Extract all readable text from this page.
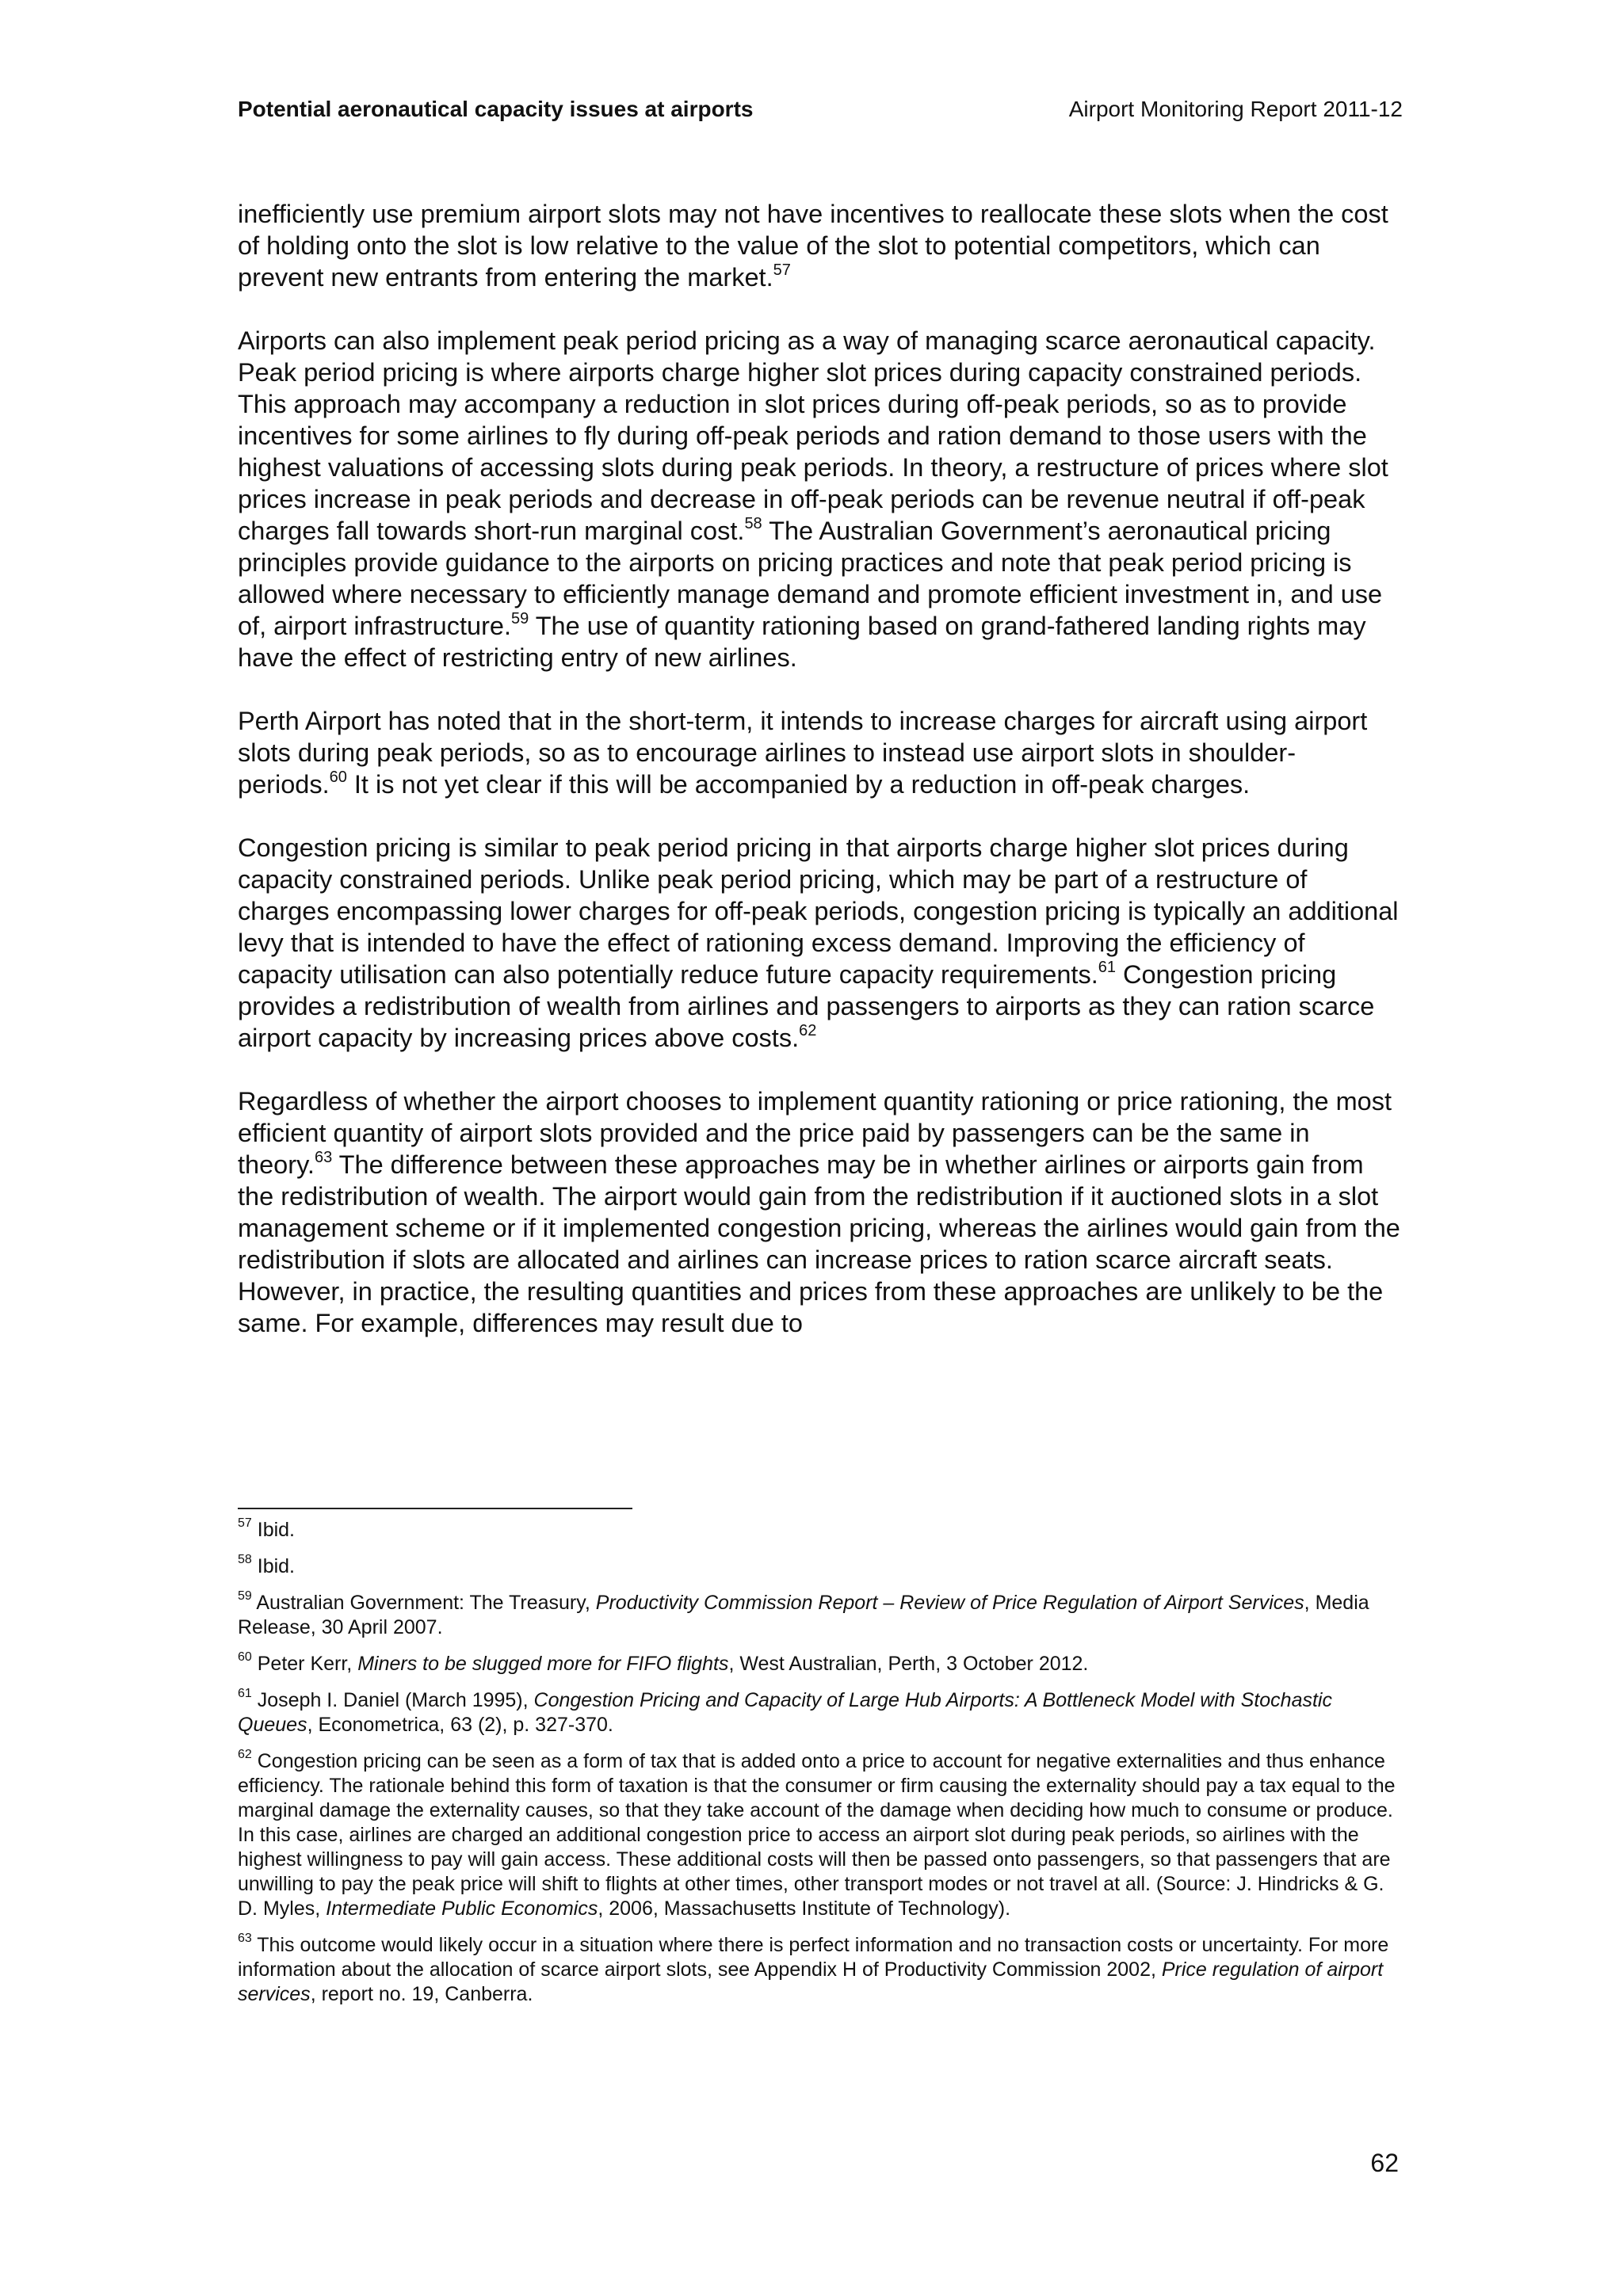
Potential aeronautical capacity issues at airports	Airport Monitoring Report 2011-12

inefficiently use premium airport slots may not have incentives to reallocate these slots when the cost of holding onto the slot is low relative to the value of the slot to potential competitors, which can prevent new entrants from entering the market.$^{57}$

Airports can also implement peak period pricing as a way of managing scarce aeronautical capacity. Peak period pricing is where airports charge higher slot prices during capacity constrained periods. This approach may accompany a reduction in slot prices during off-peak periods, so as to provide incentives for some airlines to fly during off-peak periods and ration demand to those users with the highest valuations of accessing slots during peak periods. In theory, a restructure of prices where slot prices increase in peak periods and decrease in off-peak periods can be revenue neutral if off-peak charges fall towards short-run marginal cost.$^{58}$ The Australian Government’s aeronautical pricing principles provide guidance to the airports on pricing practices and note that peak period pricing is allowed where necessary to efficiently manage demand and promote efficient investment in, and use of, airport infrastructure.$^{59}$ The use of quantity rationing based on grand-fathered landing rights may have the effect of restricting entry of new airlines.

Perth Airport has noted that in the short-term, it intends to increase charges for aircraft using airport slots during peak periods, so as to encourage airlines to instead use airport slots in shoulder-periods.$^{60}$ It is not yet clear if this will be accompanied by a reduction in off-peak charges.

Congestion pricing is similar to peak period pricing in that airports charge higher slot prices during capacity constrained periods. Unlike peak period pricing, which may be part of a restructure of charges encompassing lower charges for off-peak periods, congestion pricing is typically an additional levy that is intended to have the effect of rationing excess demand. Improving the efficiency of capacity utilisation can also potentially reduce future capacity requirements.$^{61}$ Congestion pricing provides a redistribution of wealth from airlines and passengers to airports as they can ration scarce airport capacity by increasing prices above costs.$^{62}$

Regardless of whether the airport chooses to implement quantity rationing or price rationing, the most efficient quantity of airport slots provided and the price paid by passengers can be the same in theory.$^{63}$ The difference between these approaches may be in whether airlines or airports gain from the redistribution of wealth. The airport would gain from the redistribution if it auctioned slots in a slot management scheme or if it implemented congestion pricing, whereas the airlines would gain from the redistribution if slots are allocated and airlines can increase prices to ration scarce aircraft seats. However, in practice, the resulting quantities and prices from these approaches are unlikely to be the same. For example, differences may result due to

$^{57}$ Ibid.
$^{58}$ Ibid.
$^{59}$ Australian Government: The Treasury, Productivity Commission Report – Review of Price Regulation of Airport Services, Media Release, 30 April 2007.
$^{60}$ Peter Kerr, Miners to be slugged more for FIFO flights, West Australian, Perth, 3 October 2012.
$^{61}$ Joseph I. Daniel (March 1995), Congestion Pricing and Capacity of Large Hub Airports: A Bottleneck Model with Stochastic Queues, Econometrica, 63 (2), p. 327-370.
$^{62}$ Congestion pricing can be seen as a form of tax that is added onto a price to account for negative externalities and thus enhance efficiency. The rationale behind this form of taxation is that the consumer or firm causing the externality should pay a tax equal to the marginal damage the externality causes, so that they take account of the damage when deciding how much to consume or produce. In this case, airlines are charged an additional congestion price to access an airport slot during peak periods, so airlines with the highest willingness to pay will gain access. These additional costs will then be passed onto passengers, so that passengers that are unwilling to pay the peak price will shift to flights at other times, other transport modes or not travel at all. (Source: J. Hindricks & G. D. Myles, Intermediate Public Economics, 2006, Massachusetts Institute of Technology).
$^{63}$ This outcome would likely occur in a situation where there is perfect information and no transaction costs or uncertainty. For more information about the allocation of scarce airport slots, see Appendix H of Productivity Commission 2002, Price regulation of airport services, report no. 19, Canberra.
62
